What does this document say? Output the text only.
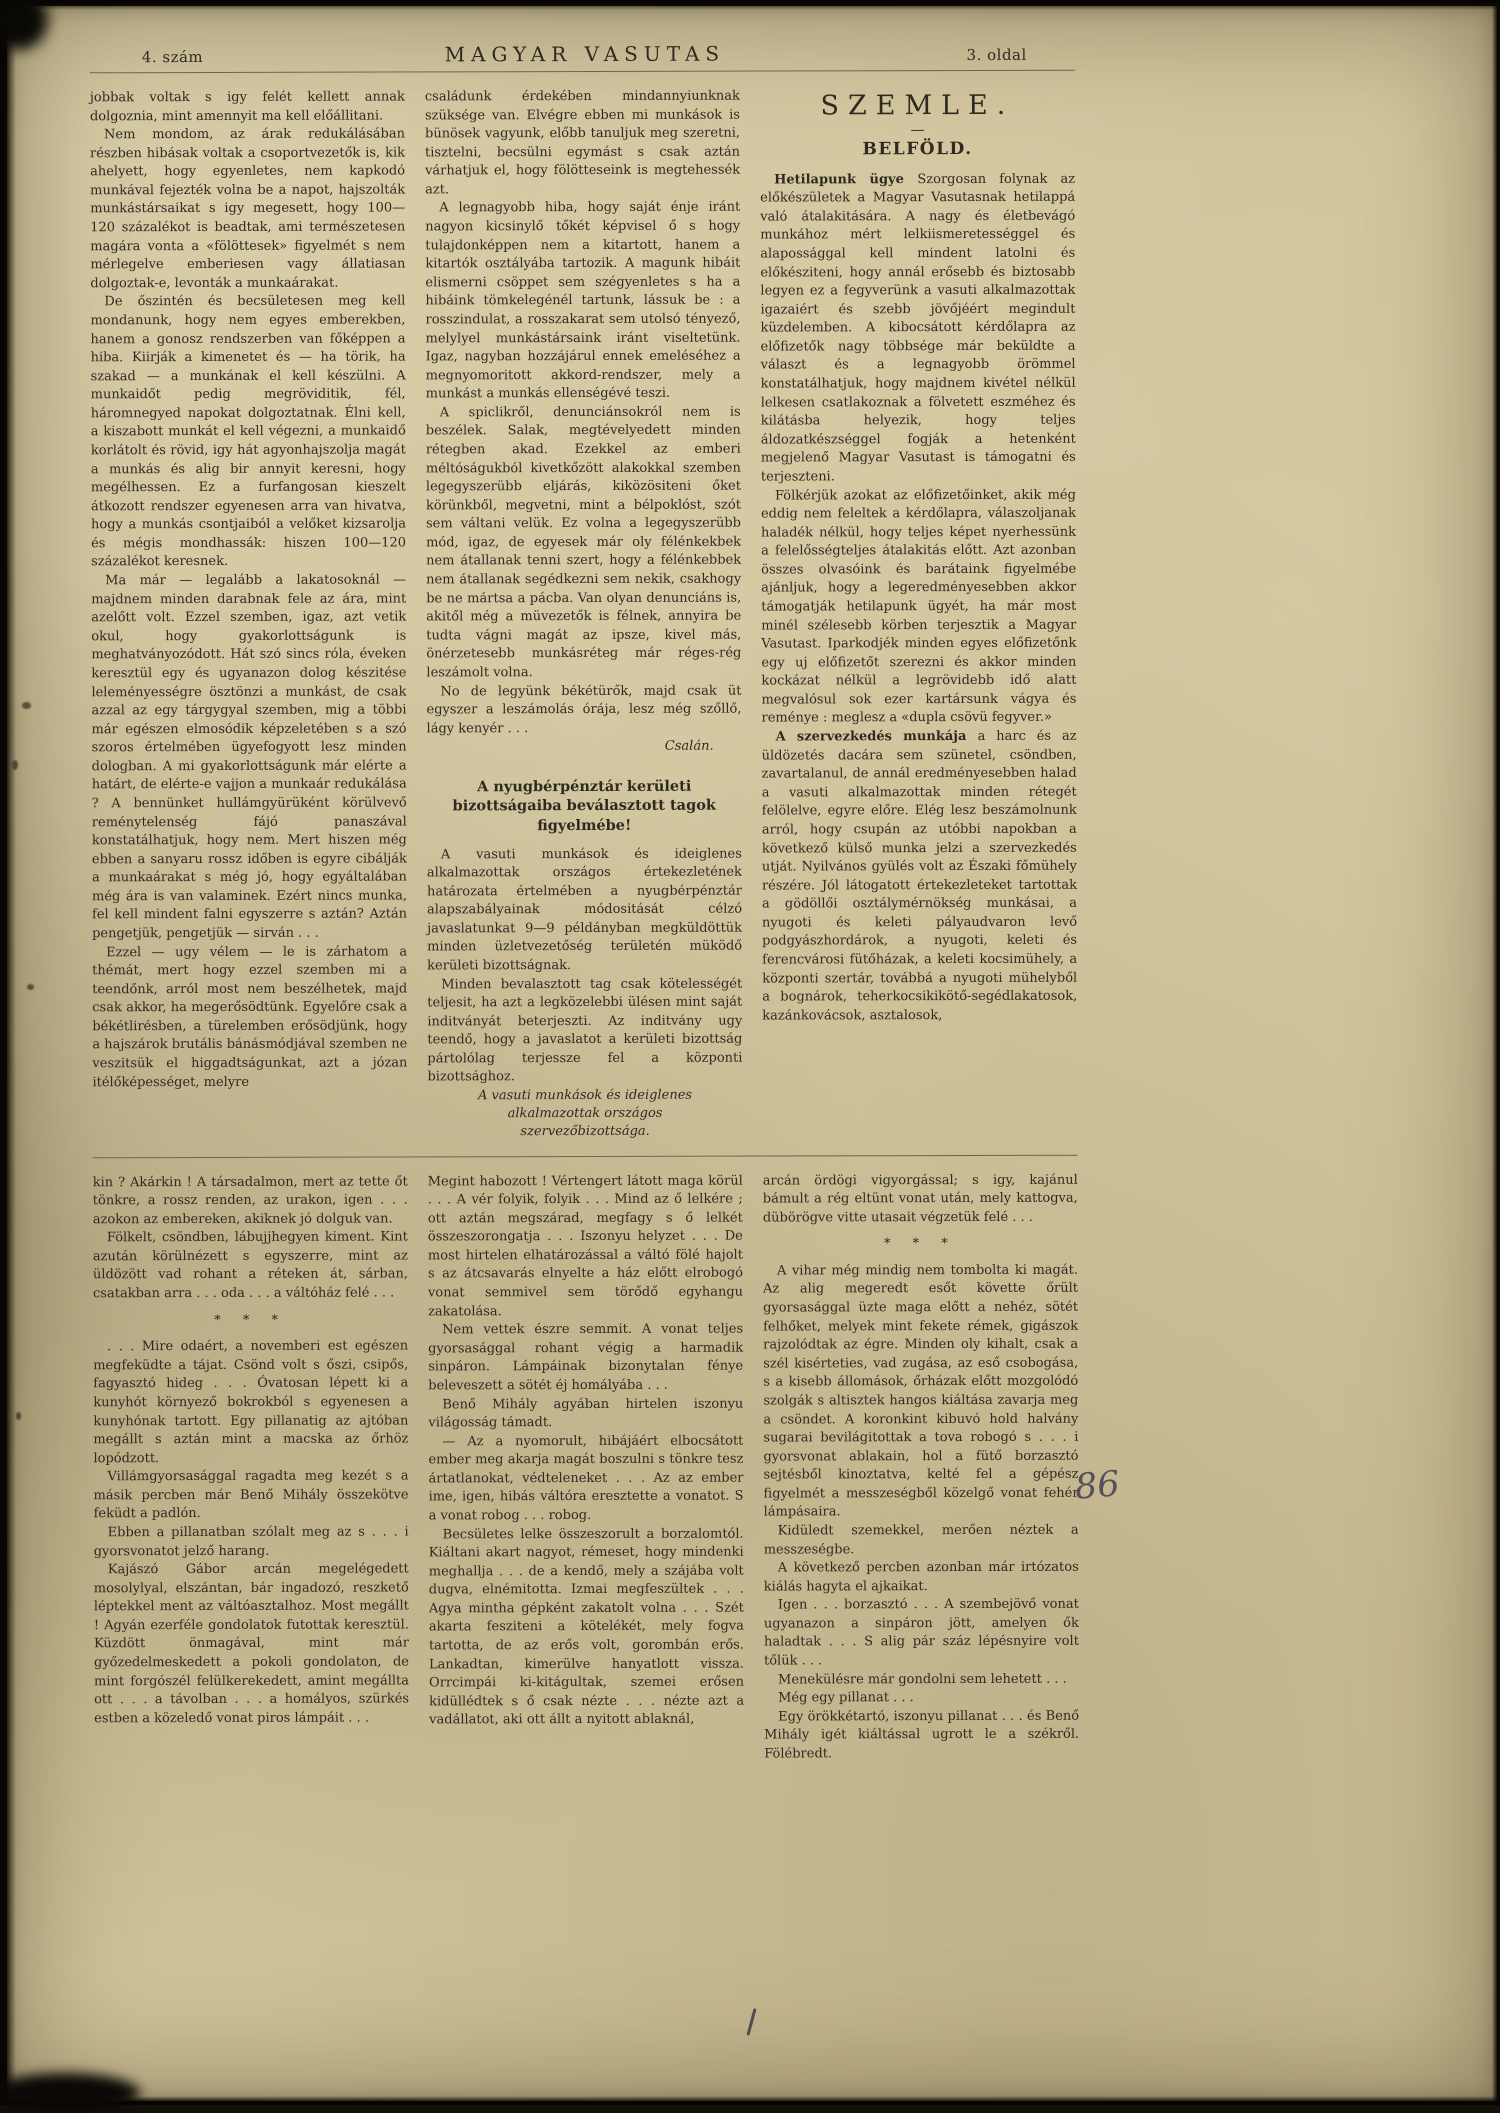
4. szám	MAGYAR VASUTAS	3. oldal

jobbak voltak s igy felét kellett annak dolgoznia, mint amennyit ma kell előállitani.

Nem mondom, az árak redukálásában részben hibásak voltak a csoportvezetők is, kik ahelyett, hogy egyenletes, nem kapkodó munkával fejezték volna be a napot, hajszolták munkástársaikat s igy megesett, hogy 100—120 százalékot is beadtak, ami természetesen magára vonta a «fölöttesek» figyelmét s nem mérlegelve emberiesen vagy állatiasan dolgoztak-e, levonták a munkaárakat.

De őszintén és becsületesen meg kell mondanunk, hogy nem egyes emberekben, hanem a gonosz rendszerben van főképpen a hiba. Kiirják a kimenetet és — ha törik, ha szakad — a munkának el kell készülni. A munkaidőt pedig megröviditik, fél, háromnegyed napokat dolgoztatnak. Élni kell, a kiszabott munkát el kell végezni, a munkaidő korlátolt és rövid, igy hát agyonhajszolja magát a munkás és alig bir annyit keresni, hogy megélhessen. Ez a furfangosan kieszelt átkozott rendszer egyenesen arra van hivatva, hogy a munkás csontjaiból a velőket kizsarolja és mégis mondhassák: hiszen 100—120 százalékot keresnek.

Ma már — legalább a lakatosoknál — majdnem minden darabnak fele az ára, mint azelőtt volt. Ezzel szemben, igaz, azt vetik okul, hogy gyakorlottságunk is meghatványozódott. Hát szó sincs róla, éveken keresztül egy és ugyanazon dolog készitése leleményességre ösztönzi a munkást, de csak azzal az egy tárgygyal szemben, mig a többi már egészen elmosódik képzeletében s a szó szoros értelmében ügyefogyott lesz minden dologban. A mi gyakorlottságunk már elérte a határt, de elérte-e vajjon a munkaár redukálása ? A bennünket hullámgyürüként körülvevő reménytelenség fájó panaszával konstatálhatjuk, hogy nem. Mert hiszen még ebben a sanyaru rossz időben is egyre cibálják a munkaárakat s még jó, hogy egyáltalában még ára is van valaminek. Ezért nincs munka, fel kell mindent falni egyszerre s aztán? Aztán pengetjük, pengetjük — sirván . . .

Ezzel — ugy vélem — le is zárhatom a thémát, mert hogy ezzel szemben mi a teendőnk, arról most nem beszélhetek, majd csak akkor, ha megerősödtünk. Egyelőre csak a békétlirésben, a türelemben erősödjünk, hogy a hajszárok brutális bánásmódjával szemben ne veszitsük el higgadtságunkat, azt a józan itélőképességet, melyre

családunk érdekében mindannyiunknak szüksége van. Elvégre ebben mi munkások is bünösek vagyunk, előbb tanuljuk meg szeretni, tisztelni, becsülni egymást s csak aztán várhatjuk el, hogy fölötteseink is megtehessék azt.

A legnagyobb hiba, hogy saját énje iránt nagyon kicsinylő tőkét képvisel ő s hogy tulajdonképpen nem a kitartott, hanem a kitartók osztályába tartozik. A magunk hibáit elismerni csöppet sem szégyenletes s ha a hibáink tömkelegénél tartunk, lássuk be : a rosszindulat, a rosszakarat sem utolsó tényező, melylyel munkástársaink iránt viseltetünk. Igaz, nagyban hozzájárul ennek emeléséhez a megnyomoritott akkord-rendszer, mely a munkást a munkás ellenségévé teszi.

A spiclikről, denunciánsokról nem is beszélek. Salak, megtévelyedett minden rétegben akad. Ezekkel az emberi méltóságukból kivetkőzött alakokkal szemben legegyszerübb eljárás, kiközösiteni őket körünkből, megvetni, mint a bélpoklóst, szót sem váltani velük. Ez volna a legegyszerübb mód, igaz, de egyesek már oly félénkekbek nem átallanak tenni szert, hogy a félénkebbek nem átallanak segédkezni sem nekik, csakhogy be ne mártsa a pácba. Van olyan denunciáns is, akitől még a müvezetők is félnek, annyira be tudta vágni magát az ipsze, kivel más, önérzetesebb munkásréteg már réges-rég leszámolt volna.

No de legyünk békétürők, majd csak üt egyszer a leszámolás órája, lesz még szőllő, lágy kenyér . . .

Csalán.

A nyugbérpénztár kerületi bizottságaiba beválasztott tagok figyelmébe!

A vasuti munkások és ideiglenes alkalmazottak országos értekezletének határozata értelmében a nyugbérpénztár alapszabályainak módositását célzó javaslatunkat 9—9 példányban megküldöttük minden üzletvezetőség területén müködő kerületi bizottságnak.

Minden bevalasztott tag csak kötelességét teljesit, ha azt a legközelebbi ülésen mint saját inditványát beterjeszti. Az inditvány ugy teendő, hogy a javaslatot a kerületi bizottság pártolólag terjessze fel a központi bizottsághoz.

A vasuti munkások és ideiglenes alkalmazottak országos szervezőbizottsága.

SZEMLE.
—
BELFÖLD.

Hetilapunk ügye Szorgosan folynak az előkészületek a Magyar Vasutasnak hetilappá való átalakitására. A nagy és életbevágó munkához mért lelkiismeretességgel és alapossággal kell mindent latolni és előkésziteni, hogy annál erősebb és biztosabb legyen ez a fegyverünk a vasuti alkalmazottak igazaiért és szebb jövőjéért megindult küzdelemben. A kibocsátott kérdőlapra az előfizetők nagy többsége már beküldte a választ és a legnagyobb örömmel konstatálhatjuk, hogy majdnem kivétel nélkül lelkesen csatlakoznak a fölvetett eszméhez és kilátásba helyezik, hogy teljes áldozatkészséggel fogják a hetenként megjelenő Magyar Vasutast is támogatni és terjeszteni.

Fölkérjük azokat az előfizetőinket, akik még eddig nem feleltek a kérdőlapra, válaszoljanak haladék nélkül, hogy teljes képet nyerhessünk a felelősségteljes átalakitás előtt. Azt azonban összes olvasóink és barátaink figyelmébe ajánljuk, hogy a legeredményesebben akkor támogatják hetilapunk ügyét, ha már most minél szélesebb körben terjesztik a Magyar Vasutast. Iparkodjék minden egyes előfizetőnk egy uj előfizetőt szerezni és akkor minden kockázat nélkül a legrövidebb idő alatt megvalósul sok ezer kartársunk vágya és reménye : meglesz a «dupla csövü fegyver.»

A szervezkedés munkája a harc és az üldözetés dacára sem szünetel, csöndben, zavartalanul, de annál eredményesebben halad a vasuti alkalmazottak minden rétegét felölelve, egyre előre. Elég lesz beszámolnunk arról, hogy csupán az utóbbi napokban a következő külső munka jelzi a szervezkedés utját. Nyilvános gyülés volt az Északi főmühely részére. Jól látogatott értekezleteket tartottak a gödöllői osztálymérnökség munkásai, a nyugoti és keleti pályaudvaron levő podgyászhordárok, a nyugoti, keleti és ferencvárosi fütőházak, a keleti kocsimühely, a központi szertár, továbbá a nyugoti mühelyből a bognárok, teherkocsikikötő-segédlakatosok, kazánkovácsok, asztalosok,

kin ? Akárkin ! A társadalmon, mert az tette őt tönkre, a rossz renden, az urakon, igen . . . azokon az embereken, akiknek jó dolguk van.

Fölkelt, csöndben, lábujjhegyen kiment. Kint azután körülnézett s egyszerre, mint az üldözött vad rohant a réteken át, sárban, csatakban arra . . . oda . . . a váltóház felé . . .

* * *

. . . Mire odaért, a novemberi est egészen megfeküdte a tájat. Csönd volt s őszi, csipős, fagyasztó hideg . . . Óvatosan lépett ki a kunyhót környező bokrokból s egyenesen a kunyhónak tartott. Egy pillanatig az ajtóban megállt s aztán mint a macska az őrhöz lopódzott.

Villámgyorsasággal ragadta meg kezét s a másik percben már Benő Mihály összekötve feküdt a padlón.

Ebben a pillanatban szólalt meg az s . . . i gyorsvonatot jelző harang.

Kajászó Gábor arcán megelégedett mosolylyal, elszántan, bár ingadozó, reszkető léptekkel ment az váltóasztalhoz. Most megállt ! Agyán ezerféle gondolatok futottak keresztül. Küzdött önmagával, mint már győzedelmeskedett a pokoli gondolaton, de mint forgószél felülkerekedett, amint megállta ott . . . a távolban . . . a homályos, szürkés estben a közeledő vonat piros lámpáit . . .

Megint habozott ! Vértengert látott maga körül . . . A vér folyik, folyik . . . Mind az ő lelkére ; ott aztán megszárad, megfagy s ő lelkét összeszorongatja . . . Iszonyu helyzet . . . De most hirtelen elhatározással a váltó fölé hajolt s az átcsavarás elnyelte a ház előtt elrobogó vonat semmivel sem törődő egyhangu zakatolása.

Nem vettek észre semmit. A vonat teljes gyorsasággal rohant végig a harmadik sinpáron. Lámpáinak bizonytalan fénye beleveszett a sötét éj homályába . . .

Benő Mihály agyában hirtelen iszonyu világosság támadt.

— Az a nyomorult, hibájáért elbocsátott ember meg akarja magát boszulni s tönkre tesz ártatlanokat, védteleneket . . . Az az ember ime, igen, hibás váltóra eresztette a vonatot. S a vonat robog . . . robog.

Becsületes lelke összeszorult a borzalomtól. Kiáltani akart nagyot, rémeset, hogy mindenki meghallja . . . de a kendő, mely a szájába volt dugva, elnémitotta. Izmai megfeszültek . . . Agya mintha gépként zakatolt volna . . . Szét akarta fesziteni a kötelékét, mely fogva tartotta, de az erős volt, gorombán erős. Lankadtan, kimerülve hanyatlott vissza. Orrcimpái ki-kitágultak, szemei erősen kidüllédtek s ő csak nézte . . . nézte azt a vadállatot, aki ott állt a nyitott ablaknál,

arcán ördögi vigyorgással; s igy, kajánul bámult a rég eltünt vonat után, mely kattogva, dübörögve vitte utasait végzetük felé . . .

* * *

A vihar még mindig nem tombolta ki magát. Az alig megeredt esőt követte őrült gyorsasággal üzte maga előtt a nehéz, sötét felhőket, melyek mint fekete rémek, gigászok rajzolódtak az égre. Minden oly kihalt, csak a szél kisérteties, vad zugása, az eső csobogása, s a kisebb állomások, őrházak előtt mozgolódó szolgák s altisztek hangos kiáltása zavarja meg a csöndet. A koronkint kibuvó hold halvány sugarai bevilágitottak a tova robogó s . . . i gyorsvonat ablakain, hol a fütő borzasztó sejtésből kinoztatva, kelté fel a gépész figyelmét a messzeségből közelgő vonat fehér lámpásaira.

Kidüledt szemekkel, merően néztek a messzeségbe.

A következő percben azonban már irtózatos kiálás hagyta el ajkaikat.

Igen . . . borzasztó . . . A szembejövő vonat ugyanazon a sinpáron jött, amelyen ők haladtak . . . S alig pár száz lépésnyire volt tőlük . . .

Menekülésre már gondolni sem lehetett . . .

Még egy pillanat . . .

Egy örökkétartó, iszonyu pillanat . . . és Benő Mihály igét kiáltással ugrott le a székről. Fölébredt.

86
